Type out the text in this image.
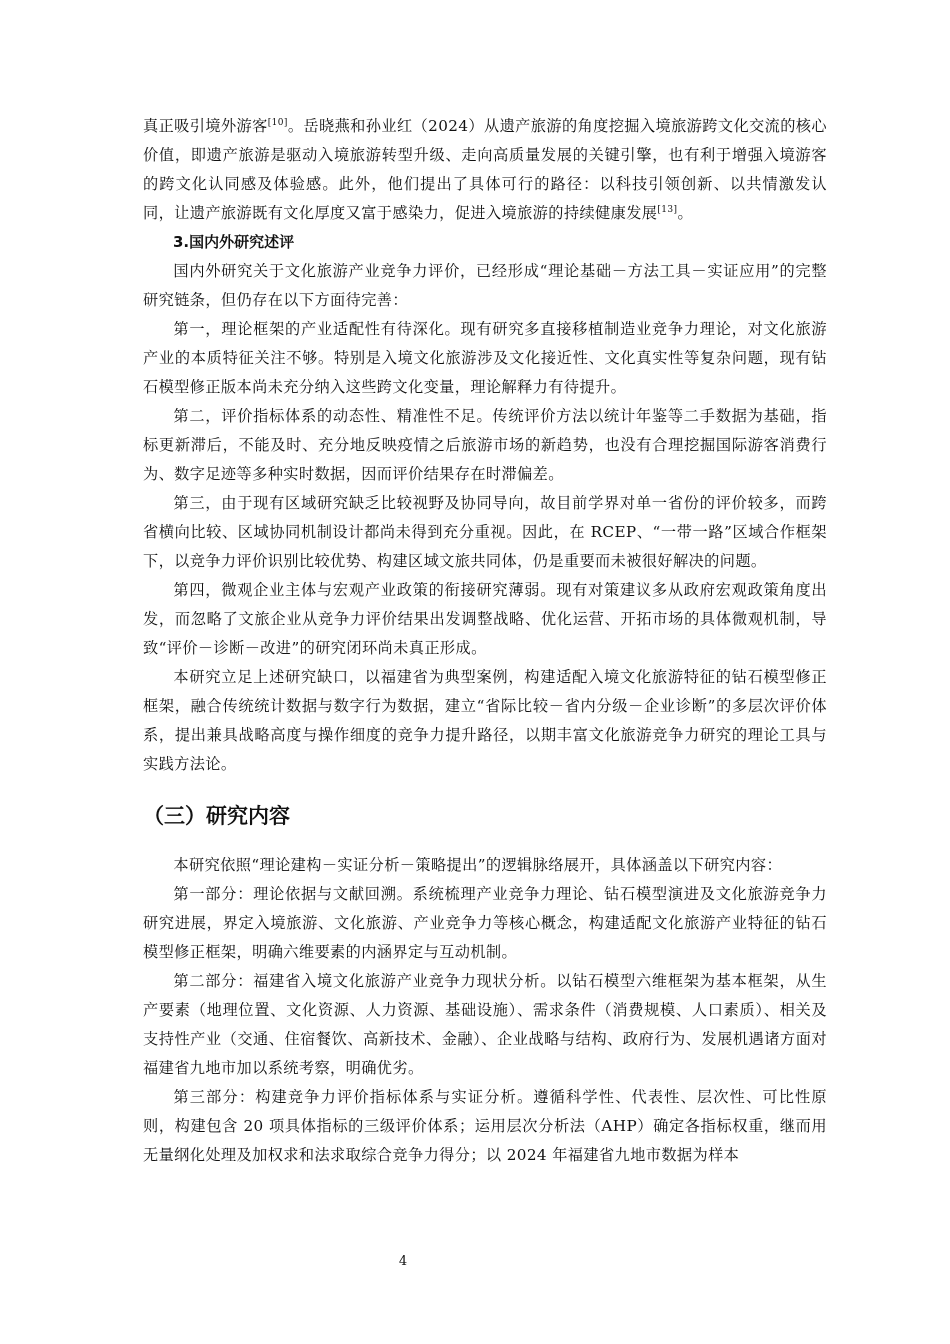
真正吸引境外游客[10]。岳晓燕和孙业红（2024）从遗产旅游的角度挖掘入境旅游跨文化交流的核心价值，即遗产旅游是驱动入境旅游转型升级、走向高质量发展的关键引擎，也有利于增强入境游客的跨文化认同感及体验感。此外，他们提出了具体可行的路径：以科技引领创新、以共情激发认同，让遗产旅游既有文化厚度又富于感染力，促进入境旅游的持续健康发展[13]。

3.国内外研究述评

国内外研究关于文化旅游产业竞争力评价，已经形成“理论基础－方法工具－实证应用”的完整研究链条，但仍存在以下方面待完善：

第一，理论框架的产业适配性有待深化。现有研究多直接移植制造业竞争力理论，对文化旅游产业的本质特征关注不够。特别是入境文化旅游涉及文化接近性、文化真实性等复杂问题，现有钻石模型修正版本尚未充分纳入这些跨文化变量，理论解释力有待提升。

第二，评价指标体系的动态性、精准性不足。传统评价方法以统计年鉴等二手数据为基础，指标更新滞后，不能及时、充分地反映疫情之后旅游市场的新趋势，也没有合理挖掘国际游客消费行为、数字足迹等多种实时数据，因而评价结果存在时滞偏差。

第三，由于现有区域研究缺乏比较视野及协同导向，故目前学界对单一省份的评价较多，而跨省横向比较、区域协同机制设计都尚未得到充分重视。因此，在 RCEP、“一带一路”区域合作框架下，以竞争力评价识别比较优势、构建区域文旅共同体，仍是重要而未被很好解决的问题。

第四，微观企业主体与宏观产业政策的衔接研究薄弱。现有对策建议多从政府宏观政策角度出发，而忽略了文旅企业从竞争力评价结果出发调整战略、优化运营、开拓市场的具体微观机制，导致“评价－诊断－改进”的研究闭环尚未真正形成。

本研究立足上述研究缺口，以福建省为典型案例，构建适配入境文化旅游特征的钻石模型修正框架，融合传统统计数据与数字行为数据，建立“省际比较－省内分级－企业诊断”的多层次评价体系，提出兼具战略高度与操作细度的竞争力提升路径，以期丰富文化旅游竞争力研究的理论工具与实践方法论。

（三）研究内容

本研究依照“理论建构－实证分析－策略提出”的逻辑脉络展开，具体涵盖以下研究内容：

第一部分：理论依据与文献回溯。系统梳理产业竞争力理论、钻石模型演进及文化旅游竞争力研究进展，界定入境旅游、文化旅游、产业竞争力等核心概念，构建适配文化旅游产业特征的钻石模型修正框架，明确六维要素的内涵界定与互动机制。

第二部分：福建省入境文化旅游产业竞争力现状分析。以钻石模型六维框架为基本框架，从生产要素（地理位置、文化资源、人力资源、基础设施）、需求条件（消费规模、人口素质）、相关及支持性产业（交通、住宿餐饮、高新技术、金融）、企业战略与结构、政府行为、发展机遇诸方面对福建省九地市加以系统考察，明确优劣。

第三部分：构建竞争力评价指标体系与实证分析。遵循科学性、代表性、层次性、可比性原则，构建包含 20 项具体指标的三级评价体系；运用层次分析法（AHP）确定各指标权重，继而用无量纲化处理及加权求和法求取综合竞争力得分；以 2024 年福建省九地市数据为样本

4
